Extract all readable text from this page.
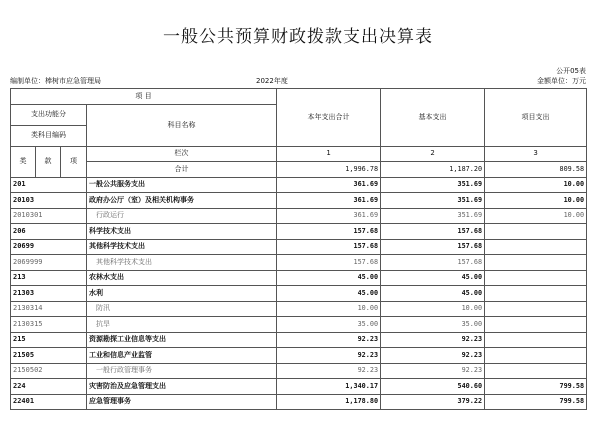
一般公共预算财政拨款支出决算表
公开05表
编制单位：棒树市应急管理局	2022年度	金额单位：万元
项 目				本年支出合计	基本支出	项目支出
支出功能分			科目名称			
类科目编码						
类	款	项				
			栏次	1	2	3
			合计	1,996.78	1,187.20	809.58
201			一般公共服务支出	361.69	351.69	10.00
20103			政府办公厅（室）及相关机构事务	361.69	351.69	10.00
2010301			行政运行	361.69	351.69	10.00
206			科学技术支出	157.68	157.68	
20699			其他科学技术支出	157.68	157.68	
2069999			其他科学技术支出	157.68	157.68	
213			农林水支出	45.00	45.00	
21303			水利	45.00	45.00	
2130314			防汛	10.00	10.00	
2130315			抗旱	35.00	35.00	
215			资源勘探工业信息等支出	92.23	92.23	
21505			工业和信息产业监管	92.23	92.23	
2150502			一般行政管理事务	92.23	92.23	
224			灾害防治及应急管理支出	1,340.17	540.60	799.58
22401			应急管理事务	1,178.80	379.22	799.58
